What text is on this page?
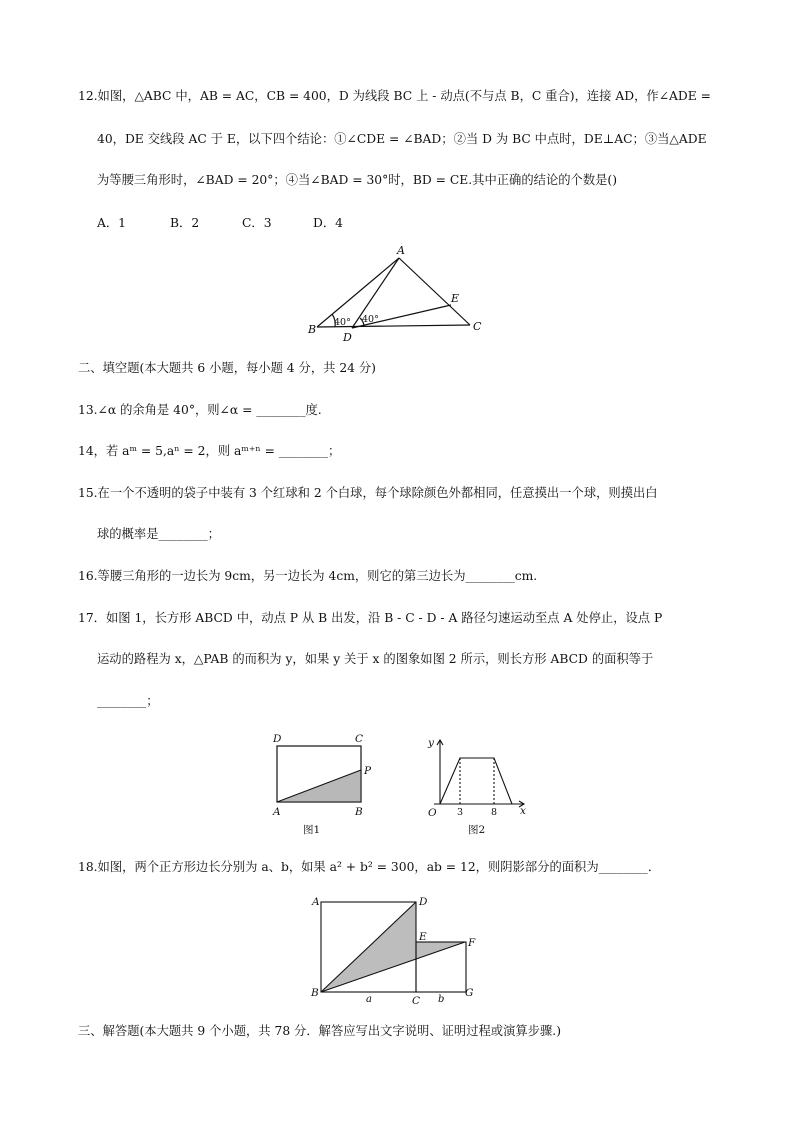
12.如图，△ABC 中，AB = AC，CB = 400，D 为线段 BC 上 - 动点(不与点 B，C 重合)，连接 AD，作∠ADE =
40，DE 交线段 AC 于 E，以下四个结论：①∠CDE = ∠BAD；②当 D 为 BC 中点时，DE⊥AC；③当△ADE
为等腰三角形时，∠BAD = 20°；④当∠BAD = 30°时，BD = CE.其中正确的结论的个数是()
A．1	B．2	C．3	D．4
A
B	C
D
E
40° 40°
二、填空题(本大题共 6 小题，每小题 4 分，共 24 分)
13.∠α 的余角是 40°，则∠α = ________度.
14，若 aᵐ = 5,aⁿ = 2，则 aᵐ⁺ⁿ = ________；
15.在一个不透明的袋子中装有 3 个红球和 2 个白球，每个球除颜色外都相同，任意摸出一个球，则摸出白
球的概率是________；
16.等腰三角形的一边长为 9cm，另一边长为 4cm，则它的第三边长为________cm.
17．如图 1，长方形 ABCD 中，动点 P 从 B 出发，沿 B - C - D - A 路径匀速运动至点 A 处停止，设点 P
运动的路程为 x，△PAB 的而积为 y，如果 y 关于 x 的图象如图 2 所示，则长方形 ABCD 的面积等于
________；
D	C
P
A	B
图1
y
x
O 3	8
图2
18.如图，两个正方形边长分别为 a、b，如果 a² + b² = 300，ab = 12，则阴影部分的面积为________．
A	D
E	F
B
C
G
a	b
三、解答题(本大题共 9 个小题，共 78 分．解答应写出文字说明、证明过程或演算步骤.)
